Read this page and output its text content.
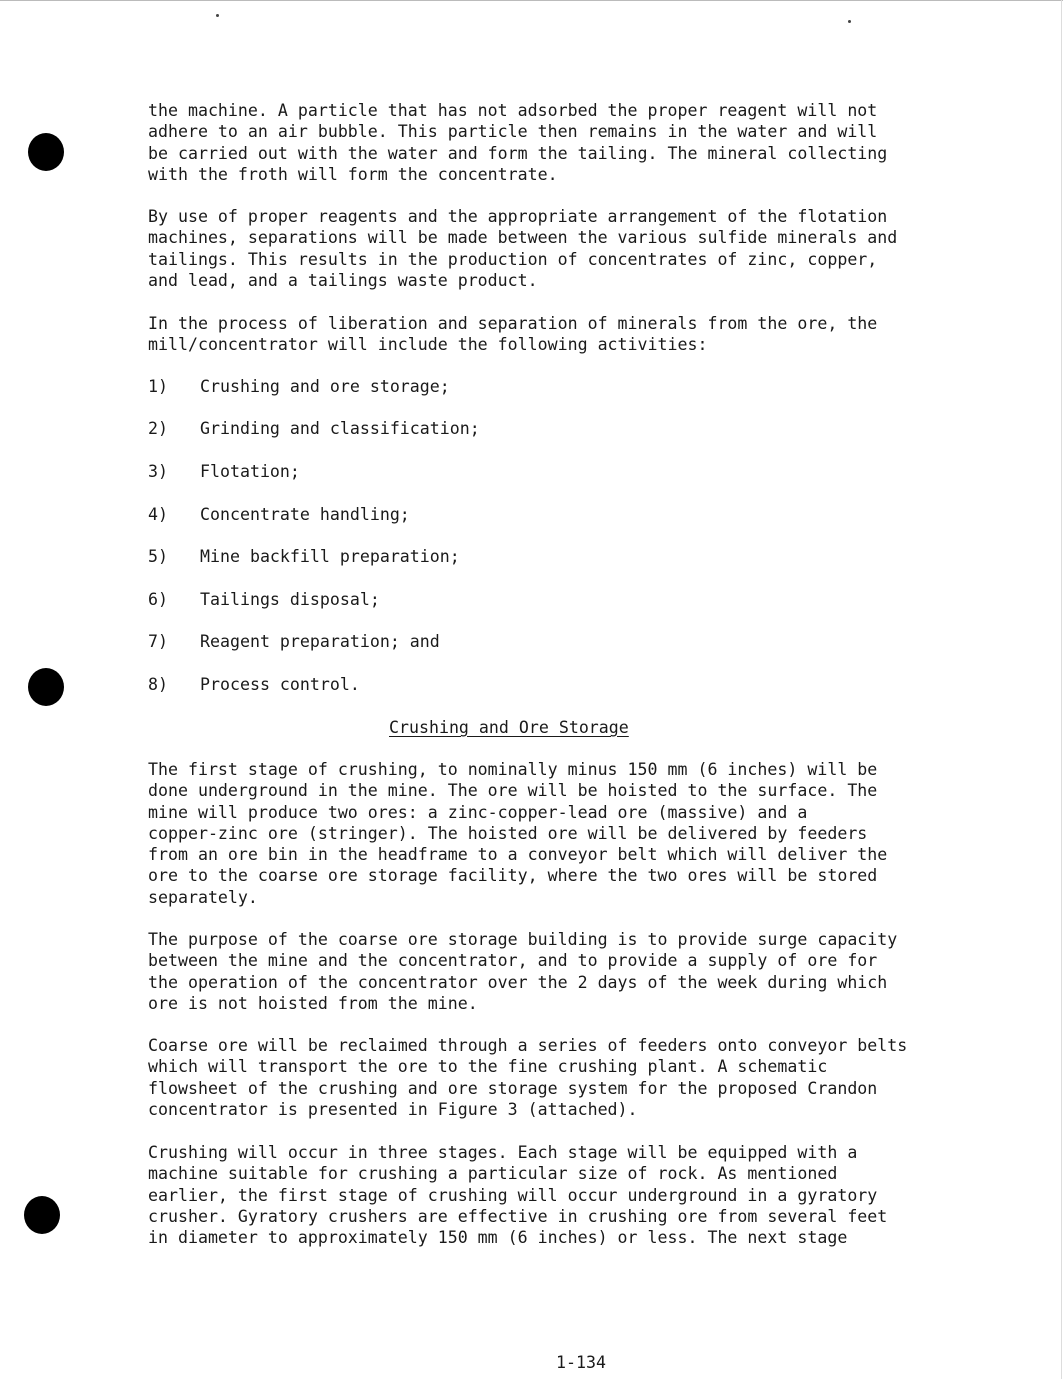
the machine. A particle that has not adsorbed the proper reagent will not
adhere to an air bubble. This particle then remains in the water and will
be carried out with the water and form the tailing. The mineral collecting
with the froth will form the concentrate.

By use of proper reagents and the appropriate arrangement of the flotation
machines, separations will be made between the various sulfide minerals and
tailings. This results in the production of concentrates of zinc, copper,
and lead, and a tailings waste product.

In the process of liberation and separation of minerals from the ore, the
mill/concentrator will include the following activities:

1) Crushing and ore storage;
2) Grinding and classification;
3) Flotation;
4) Concentrate handling;
5) Mine backfill preparation;
6) Tailings disposal;
7) Reagent preparation; and
8) Process control.
Crushing and Ore Storage

The first stage of crushing, to nominally minus 150 mm (6 inches) will be
done underground in the mine. The ore will be hoisted to the surface. The
mine will produce two ores: a zinc-copper-lead ore (massive) and a
copper-zinc ore (stringer). The hoisted ore will be delivered by feeders
from an ore bin in the headframe to a conveyor belt which will deliver the
ore to the coarse ore storage facility, where the two ores will be stored
separately.

The purpose of the coarse ore storage building is to provide surge capacity
between the mine and the concentrator, and to provide a supply of ore for
the operation of the concentrator over the 2 days of the week during which
ore is not hoisted from the mine.

Coarse ore will be reclaimed through a series of feeders onto conveyor belts
which will transport the ore to the fine crushing plant. A schematic
flowsheet of the crushing and ore storage system for the proposed Crandon
concentrator is presented in Figure 3 (attached).

Crushing will occur in three stages. Each stage will be equipped with a
machine suitable for crushing a particular size of rock. As mentioned
earlier, the first stage of crushing will occur underground in a gyratory
crusher. Gyratory crushers are effective in crushing ore from several feet
in diameter to approximately 150 mm (6 inches) or less. The next stage

1-134
